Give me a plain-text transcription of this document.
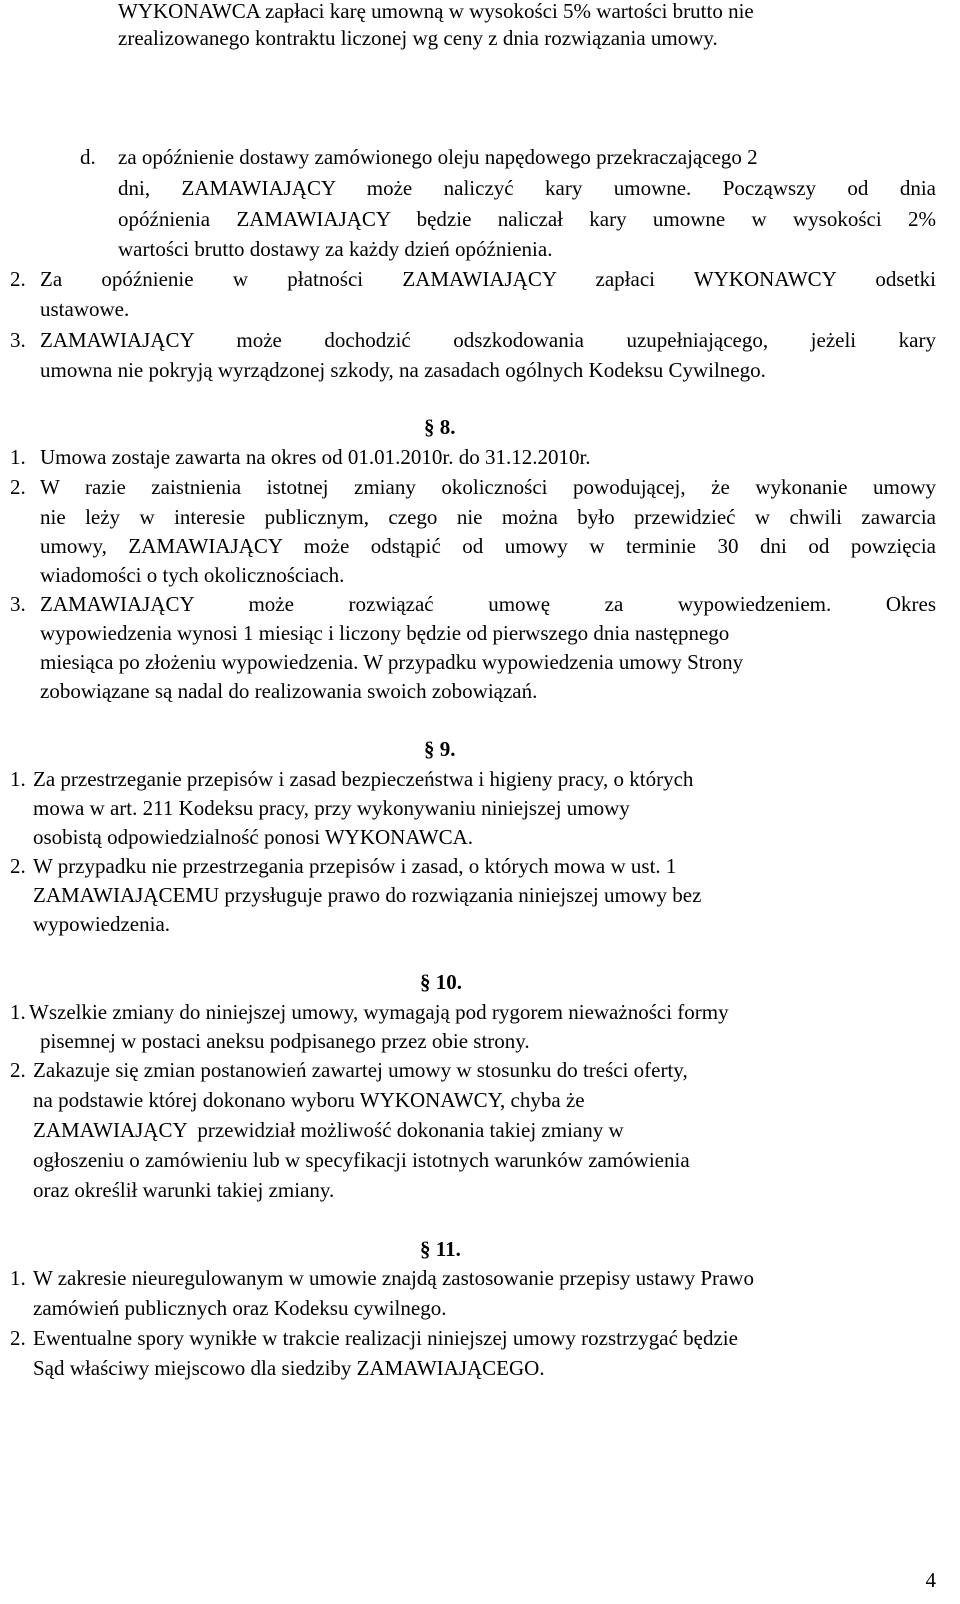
WYKONAWCA zapłaci karę umowną w wysokości 5% wartości brutto nie
zrealizowanego kontraktu liczonej wg ceny z dnia rozwiązania umowy.
d. za opóźnienie dostawy zamówionego oleju napędowego przekraczającego 2
dni, ZAMAWIAJĄCY może naliczyć kary umowne. Począwszy od dnia
opóźnienia ZAMAWIAJĄCY będzie naliczał kary umowne w wysokości 2%
wartości brutto dostawy za każdy dzień opóźnienia.
2. Za opóźnienie w płatności ZAMAWIAJĄCY zapłaci WYKONAWCY odsetki
ustawowe.
3. ZAMAWIAJĄCY może dochodzić odszkodowania uzupełniającego, jeżeli kary
umowna nie pokryją wyrządzonej szkody, na zasadach ogólnych Kodeksu Cywilnego.
§ 8.
1. Umowa zostaje zawarta na okres od 01.01.2010r. do 31.12.2010r.
2. W razie zaistnienia istotnej zmiany okoliczności powodującej, że wykonanie umowy
nie leży w interesie publicznym, czego nie można było przewidzieć w chwili zawarcia
umowy, ZAMAWIAJĄCY może odstąpić od umowy w terminie 30 dni od powzięcia
wiadomości o tych okolicznościach.
3. ZAMAWIAJĄCY może rozwiązać umowę za wypowiedzeniem. Okres
wypowiedzenia wynosi 1 miesiąc i liczony będzie od pierwszego dnia następnego
miesiąca po złożeniu wypowiedzenia. W przypadku wypowiedzenia umowy Strony
zobowiązane są nadal do realizowania swoich zobowiązań.
§ 9.
1. Za przestrzeganie przepisów i zasad bezpieczeństwa i higieny pracy, o których
mowa w art. 211 Kodeksu pracy, przy wykonywaniu niniejszej umowy
osobistą odpowiedzialność ponosi WYKONAWCA.
2. W przypadku nie przestrzegania przepisów i zasad, o których mowa w ust. 1
ZAMAWIAJĄCEMU przysługuje prawo do rozwiązania niniejszej umowy bez
wypowiedzenia.
§ 10.
1. Wszelkie zmiany do niniejszej umowy, wymagają pod rygorem nieważności formy
pisemnej w postaci aneksu podpisanego przez obie strony.
2. Zakazuje się zmian postanowień zawartej umowy w stosunku do treści oferty,
na podstawie której dokonano wyboru WYKONAWCY, chyba że
ZAMAWIAJĄCY  przewidział możliwość dokonania takiej zmiany w
ogłoszeniu o zamówieniu lub w specyfikacji istotnych warunków zamówienia
oraz określił warunki takiej zmiany.
§ 11.
1. W zakresie nieuregulowanym w umowie znajdą zastosowanie przepisy ustawy Prawo
zamówień publicznych oraz Kodeksu cywilnego.
2. Ewentualne spory wynikłe w trakcie realizacji niniejszej umowy rozstrzygać będzie
Sąd właściwy miejscowo dla siedziby ZAMAWIAJĄCEGO.
4
